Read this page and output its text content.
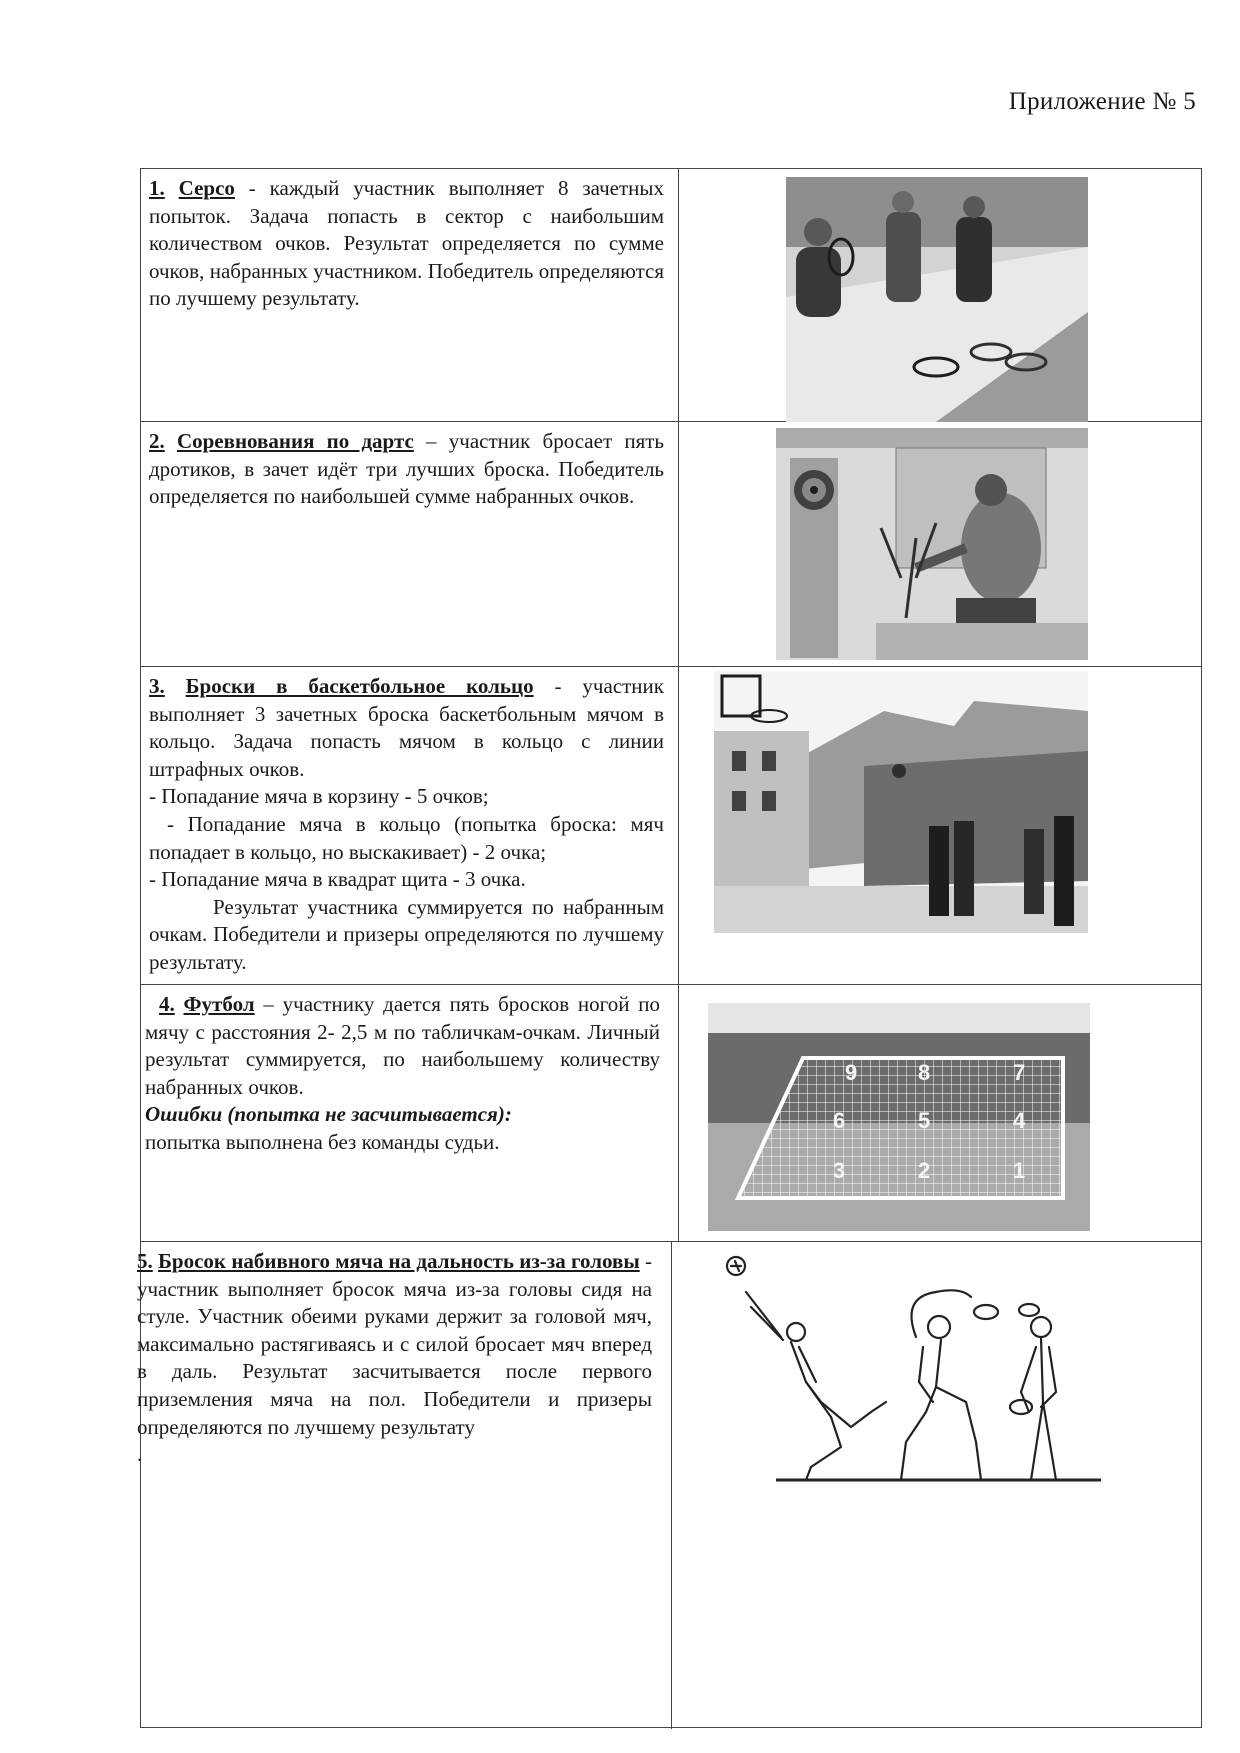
Приложение № 5

1. Серсо - каждый участник выполняет 8 зачетных попыток. Задача попасть в сектор с наибольшим количеством очков. Результат определяется по сумме очков, набранных участником. Победитель определяются по лучшему результату.

2. Соревнования по дартс – участник бросает пять дротиков, в зачет идёт три лучших броска. Победитель определяется по наибольшей сумме набранных очков.

3. Броски в баскетбольное кольцо - участник выполняет 3 зачетных броска баскетбольным мячом в кольцо. Задача попасть мячом в кольцо с линии штрафных очков.

- Попадание мяча в корзину - 5 очков;

- Попадание мяча в кольцо (попытка броска: мяч попадает в кольцо, но выскакивает) - 2 очка;

- Попадание мяча в квадрат щита - 3 очка.

Результат участника суммируется по набранным очкам. Победители и призеры определяются по лучшему результату.

4. Футбол – участнику дается пять бросков ногой по мячу с расстояния 2- 2,5 м по табличкам-очкам. Личный результат суммируется, по наибольшему количеству набранных очков.

Ошибки (попытка не засчитывается):

попытка выполнена без команды судьи.

9	8	7
6	5	4
3	2	1

5. Бросок набивного мяча на дальность из-за головы - участник выполняет бросок мяча из-за головы сидя на стуле. Участник обеими руками держит за головой мяч, максимально растягиваясь и с силой бросает мяч вперед в даль. Результат засчитывается после первого приземления мяча на пол. Победители и призеры определяются по лучшему результату

.
